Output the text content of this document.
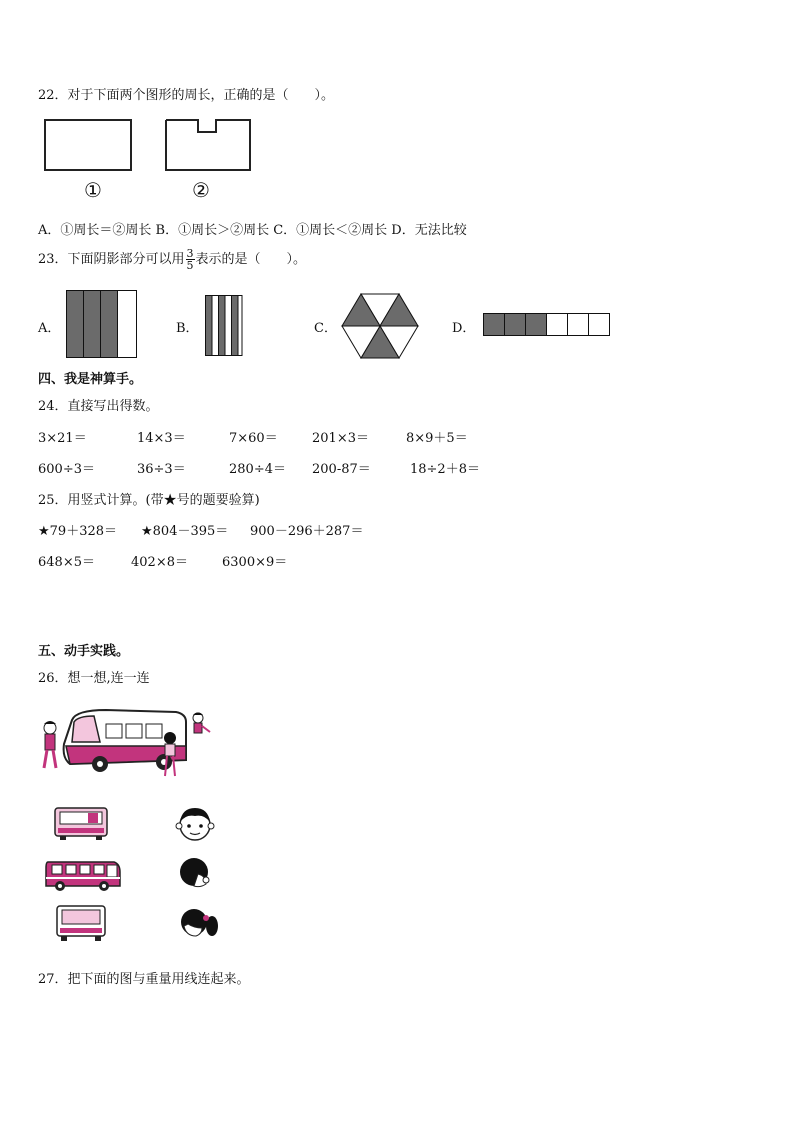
22．对于下面两个图形的周长，正确的是（　　）。
①	②
A．①周长＝②周长 B．①周长＞②周长 C．①周长＜②周长 D．无法比较
23．下面阴影部分可以用 $\frac{3}{5}$ 表示的是（　　）。
A．	B．	C．	D．
四、我是神算手。
24．直接写出得数。
3×21＝	14×3＝	7×60＝	201×3＝	8×9＋5＝
600÷3＝	36÷3＝	280÷4＝ 200-87＝	18÷2＋8＝
25．用竖式计算。(带★号的题要验算)
★79＋328＝ ★804－395＝ 900－296＋287＝
648×5＝	402×8＝	6300×9＝
五、动手实践。
26．想一想,连一连
27．把下面的图与重量用线连起来。
